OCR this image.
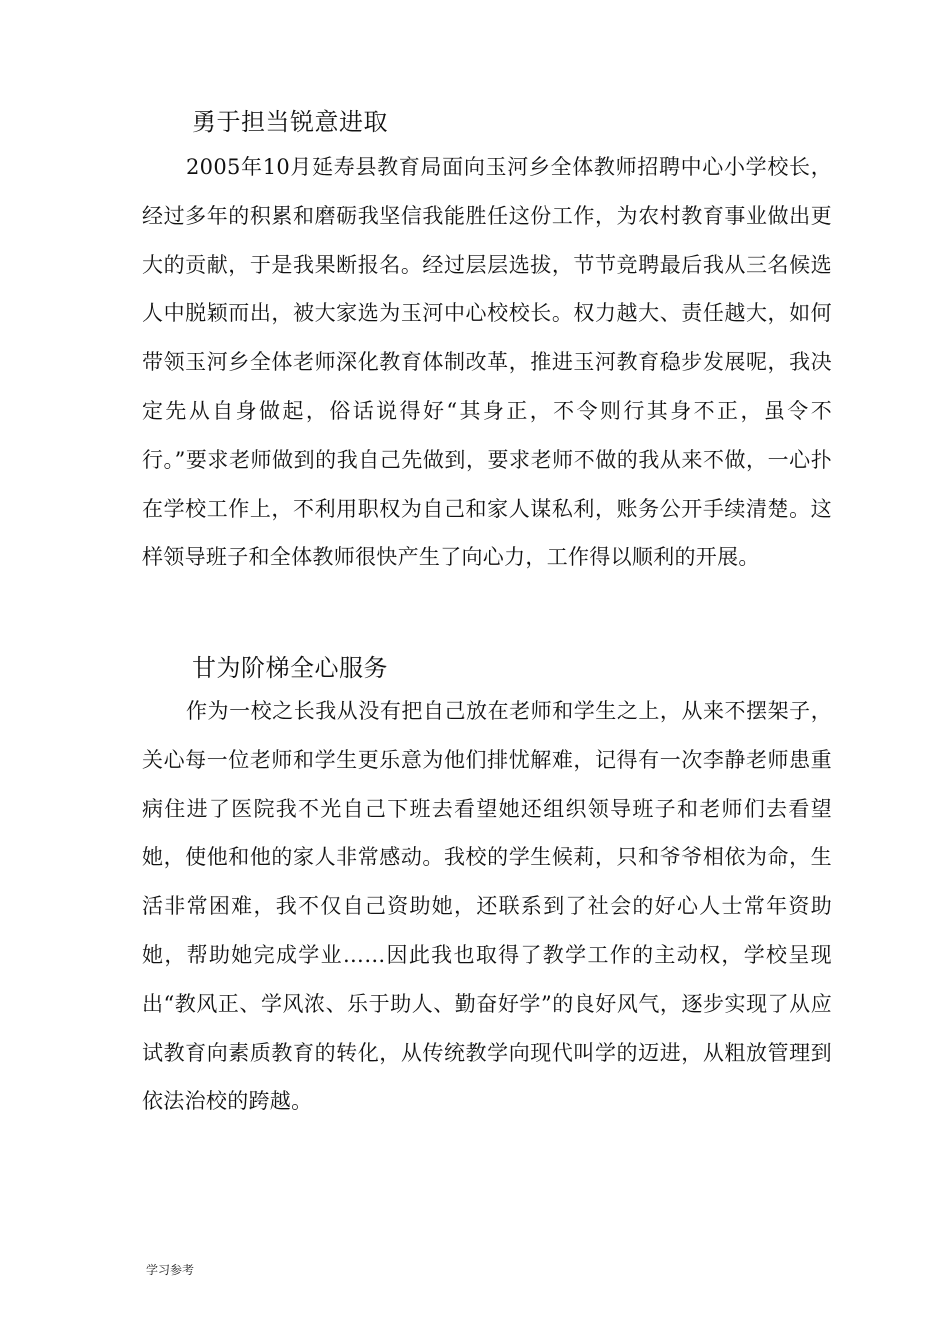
勇于担当锐意进取

2005年10月延寿县教育局面向玉河乡全体教师招聘中心小学校长，经过多年的积累和磨砺我坚信我能胜任这份工作，为农村教育事业做出更大的贡献，于是我果断报名。经过层层选拔，节节竞聘最后我从三名候选人中脱颖而出，被大家选为玉河中心校校长。权力越大、责任越大，如何带领玉河乡全体老师深化教育体制改革，推进玉河教育稳步发展呢，我决定先从自身做起，俗话说得好“其身正，不令则行其身不正，虽令不行。”要求老师做到的我自己先做到，要求老师不做的我从来不做，一心扑在学校工作上，不利用职权为自己和家人谋私利，账务公开手续清楚。这样领导班子和全体教师很快产生了向心力，工作得以顺利的开展。

甘为阶梯全心服务

作为一校之长我从没有把自己放在老师和学生之上，从来不摆架子，关心每一位老师和学生更乐意为他们排忧解难，记得有一次李静老师患重病住进了医院我不光自己下班去看望她还组织领导班子和老师们去看望她，使他和他的家人非常感动。我校的学生候莉，只和爷爷相依为命，生活非常困难，我不仅自己资助她，还联系到了社会的好心人士常年资助她，帮助她完成学业……因此我也取得了教学工作的主动权，学校呈现出“教风正、学风浓、乐于助人、勤奋好学”的良好风气，逐步实现了从应试教育向素质教育的转化，从传统教学向现代叫学的迈进，从粗放管理到依法治校的跨越。

学习参考
